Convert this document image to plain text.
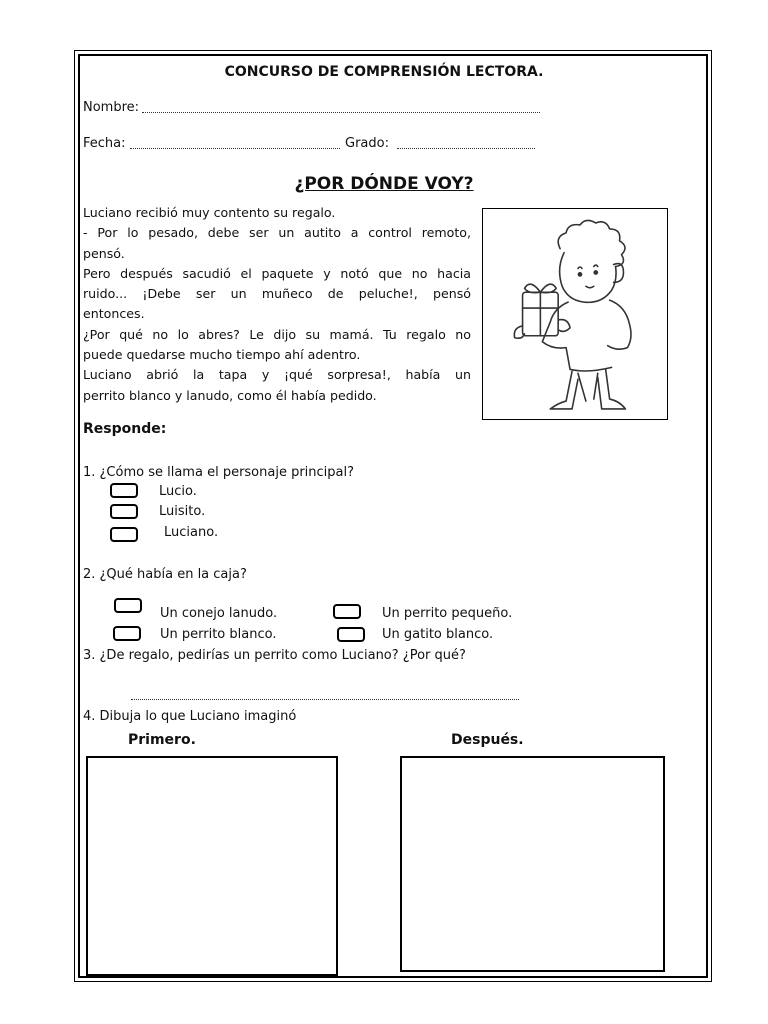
CONCURSO DE COMPRENSIÓN LECTORA.
Nombre:
Fecha:	Grado:
¿POR DÓNDE VOY?

Luciano recibió muy contento su regalo.

- Por lo pesado, debe ser un autito a control remoto,

pensó.

Pero después sacudió el paquete y notó que no hacia

ruido... ¡Debe ser un muñeco de peluche!, pensó

entonces.

¿Por qué no lo abres? Le dijo su mamá. Tu regalo no

puede quedarse mucho tiempo ahí adentro.

Luciano abrió la tapa y ¡qué sorpresa!, había un

perrito blanco y lanudo, como él había pedido.

Responde:
1. ¿Cómo se llama el personaje principal?
Lucio.
Luisito.
Luciano.
2. ¿Qué había en la caja?
Un conejo lanudo.	Un perrito pequeño.
Un perrito blanco.	Un gatito blanco.
3. ¿De regalo, pedirías un perrito como Luciano? ¿Por qué?
4. Dibuja lo que Luciano imaginó
Primero.	Después.
